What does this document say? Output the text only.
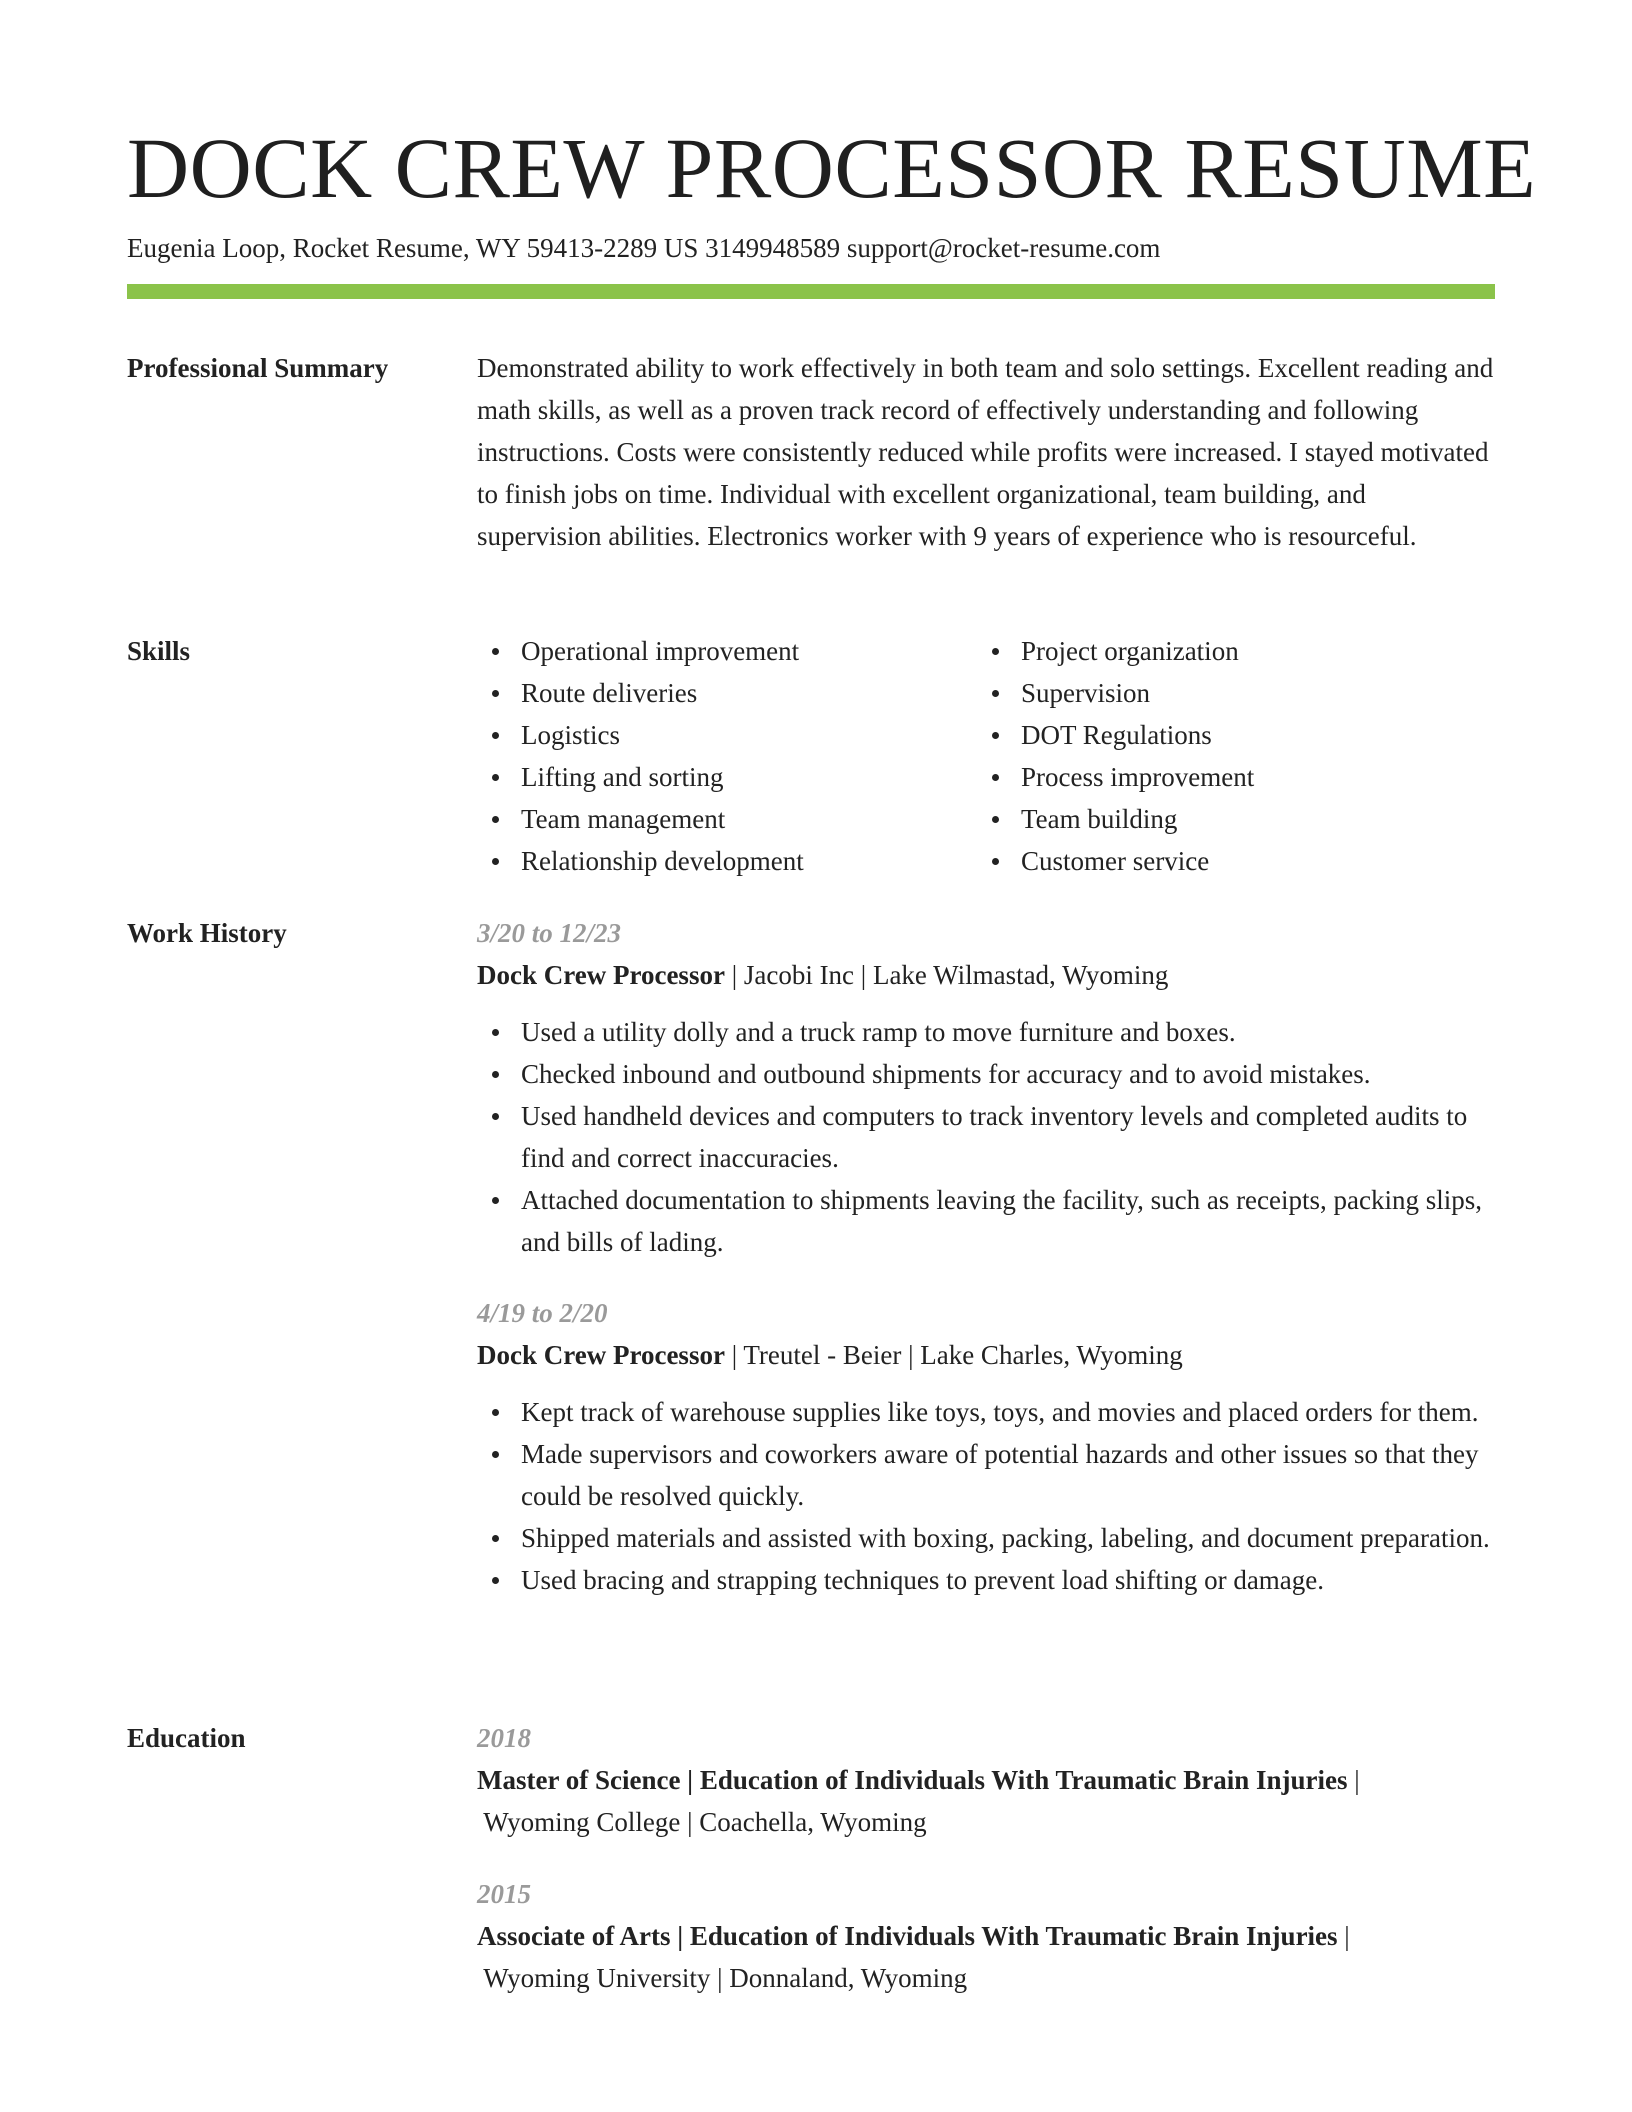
DOCK CREW PROCESSOR RESUME
Eugenia Loop, Rocket Resume, WY 59413-2289 US 3149948589 support@rocket-resume.com
Professional Summary	Demonstrated ability to work effectively in both team and solo settings. Excellent reading and math skills, as well as a proven track record of effectively understanding and following instructions. Costs were consistently reduced while profits were increased. I stayed motivated to finish jobs on time. Individual with excellent organizational, team building, and supervision abilities. Electronics worker with 9 years of experience who is resourceful.
Skills	Operational improvement
Route deliveries
Logistics
Lifting and sorting
Team management
Relationship development
Project organization
Supervision
DOT Regulations
Process improvement
Team building
Customer service
Work History	3/20 to 12/23
Dock Crew Processor | Jacobi Inc | Lake Wilmastad, Wyoming
Used a utility dolly and a truck ramp to move furniture and boxes.
Checked inbound and outbound shipments for accuracy and to avoid mistakes.
Used handheld devices and computers to track inventory levels and completed audits to find and correct inaccuracies.
Attached documentation to shipments leaving the facility, such as receipts, packing slips, and bills of lading.
4/19 to 2/20
Dock Crew Processor | Treutel - Beier | Lake Charles, Wyoming
Kept track of warehouse supplies like toys, toys, and movies and placed orders for them.
Made supervisors and coworkers aware of potential hazards and other issues so that they could be resolved quickly.
Shipped materials and assisted with boxing, packing, labeling, and document preparation.
Used bracing and strapping techniques to prevent load shifting or damage.
Education	2018
Master of Science | Education of Individuals With Traumatic Brain Injuries |
Wyoming College | Coachella, Wyoming
2015
Associate of Arts | Education of Individuals With Traumatic Brain Injuries |
Wyoming University | Donnaland, Wyoming
